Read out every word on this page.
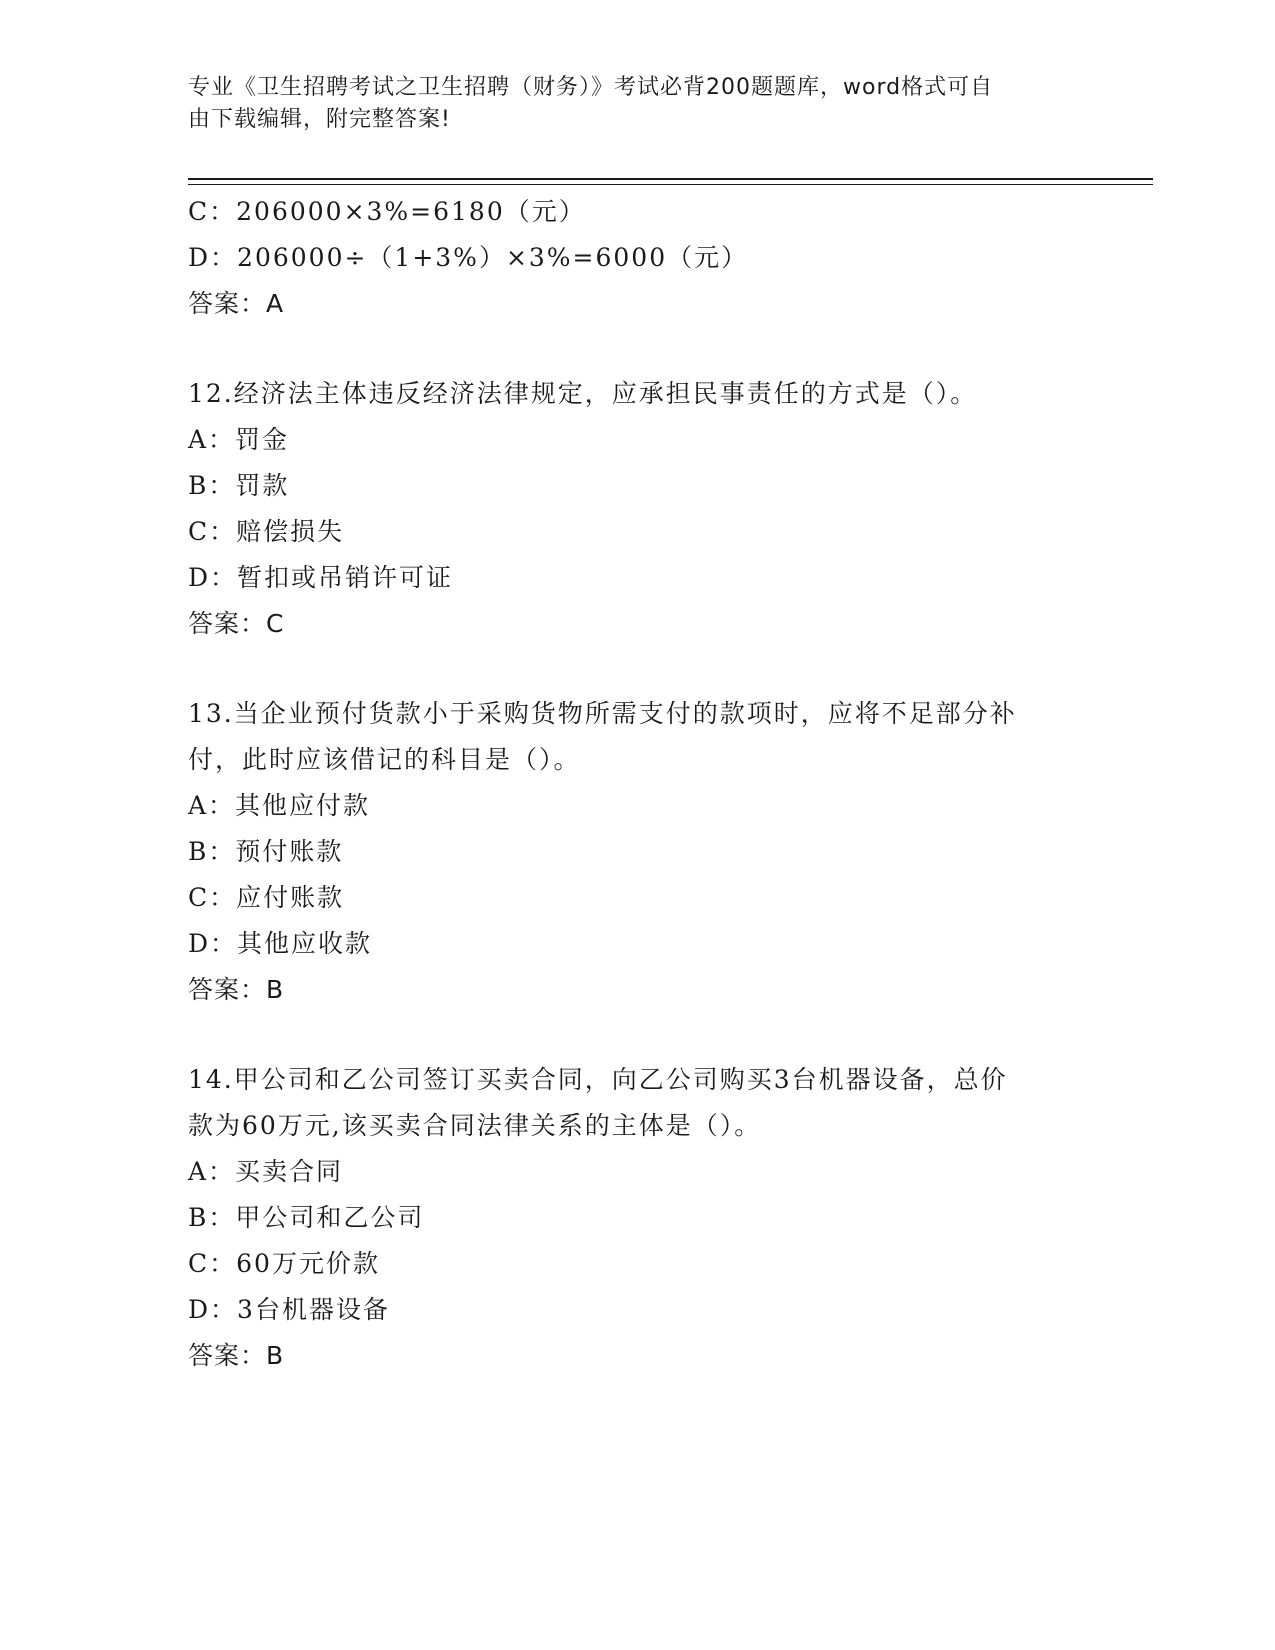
专业《卫生招聘考试之卫生招聘（财务）》考试必背200题题库，word格式可自
由下载编辑，附完整答案!
C：206000×3%=6180（元）
D：206000÷（1+3%）×3%=6000（元）
答案：A
12.经济法主体违反经济法律规定，应承担民事责任的方式是（）。
A：罚金
B：罚款
C：赔偿损失
D：暂扣或吊销许可证
答案：C
13.当企业预付货款小于采购货物所需支付的款项时，应将不足部分补
付，此时应该借记的科目是（）。
A：其他应付款
B：预付账款
C：应付账款
D：其他应收款
答案：B
14.甲公司和乙公司签订买卖合同，向乙公司购买3台机器设备，总价
款为60万元,该买卖合同法律关系的主体是（）。
A：买卖合同
B：甲公司和乙公司
C：60万元价款
D：3台机器设备
答案：B
